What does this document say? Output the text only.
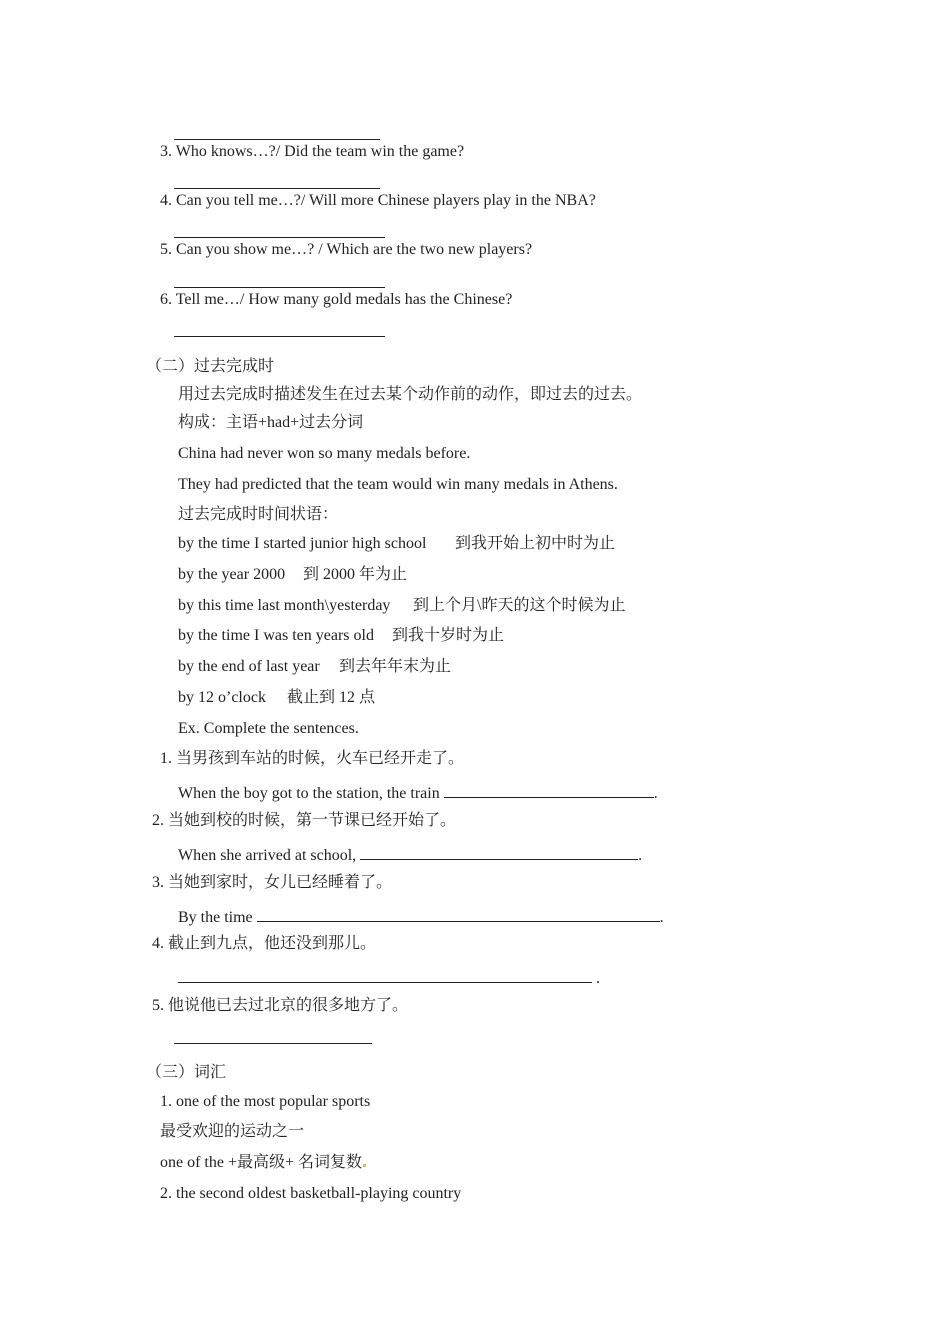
3. Who knows…?/ Did the team win the game?
4. Can you tell me…?/ Will more Chinese players play in the NBA?
5. Can you show me…? / Which are the two new players?
6. Tell me…/ How many gold medals has the Chinese?
（二）过去完成时
用过去完成时描述发生在过去某个动作前的动作，即过去的过去。
构成：主语+had+过去分词
China had never won so many medals before.
They had predicted that the team would win many medals in Athens.
过去完成时时间状语：
by the time I started junior high school 到我开始上初中时为止
by the year 2000 到 2000 年为止
by this time last month\yesterday 到上个月\昨天的这个时候为止
by the time I was ten years old 到我十岁时为止
by the end of last year 到去年年末为止
by 12 o’clock 截止到 12 点
Ex. Complete the sentences.
1. 当男孩到车站的时候，火车已经开走了。
When the boy got to the station, the train	.
2. 当她到校的时候，第一节课已经开始了。
When she arrived at school,	.
3. 当她到家时，女儿已经睡着了。
By the time	.
4. 截止到九点，他还没到那儿。
.
5. 他说他已去过北京的很多地方了。
（三）词汇
1. one of the most popular sports
最受欢迎的运动之一
one of the +最高级+ 名词复数
2. the second oldest basketball-playing country
